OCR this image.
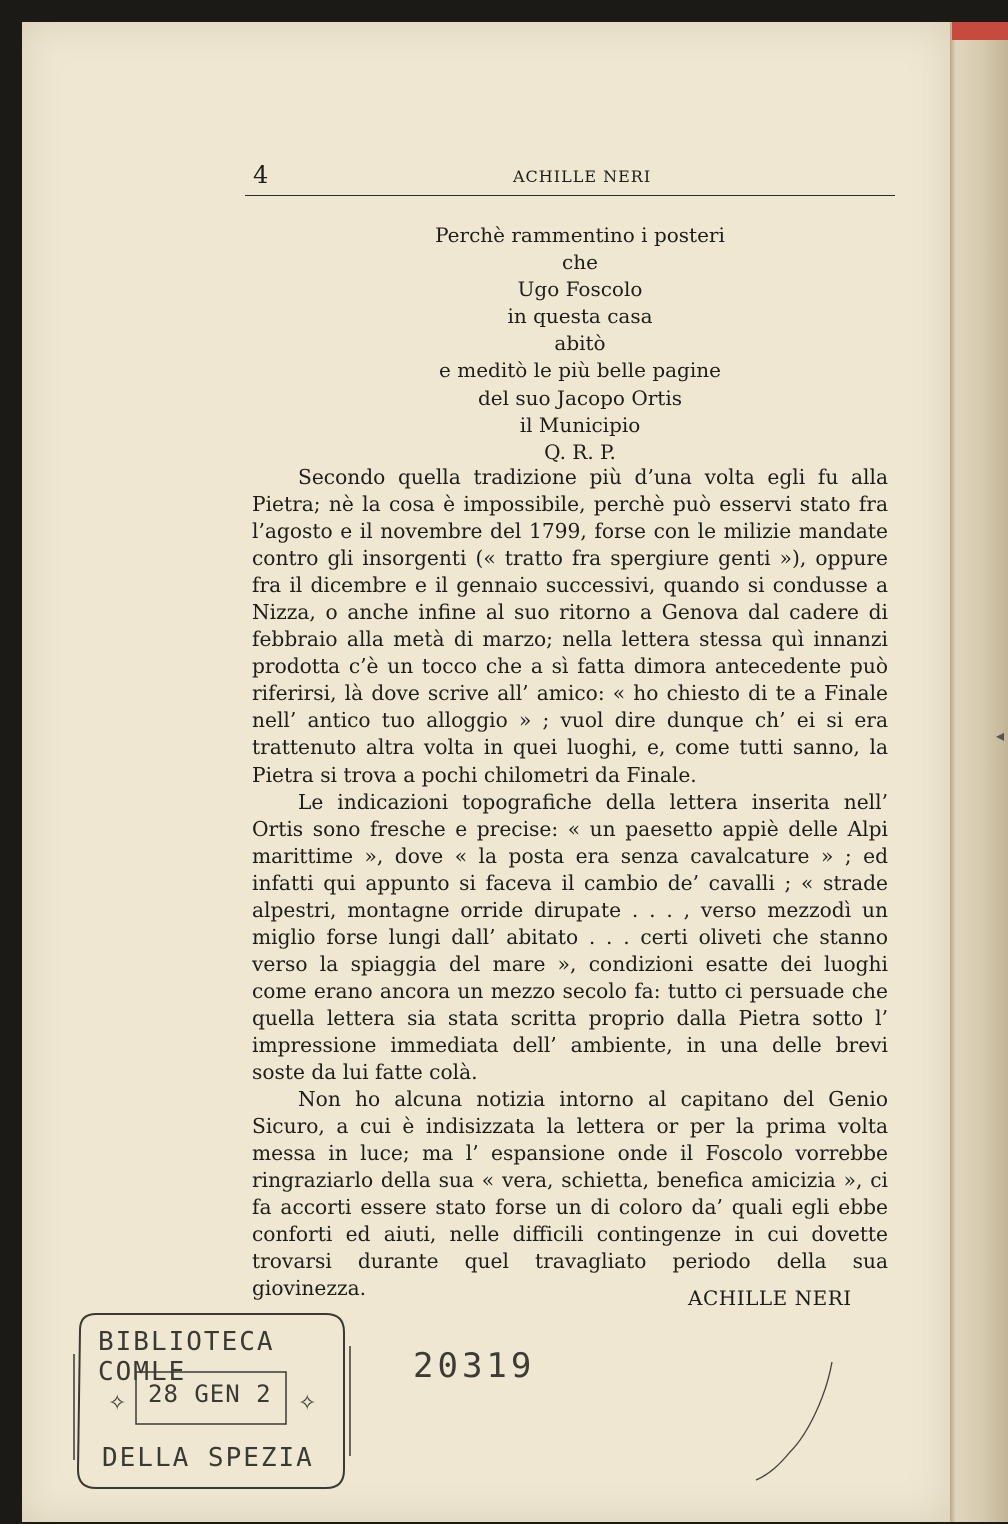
◂
4	ACHILLE NERI
Perchè rammentino i posteri
che
Ugo Foscolo
in questa casa
abitò
e meditò le più belle pagine
del suo Jacopo Ortis
il Municipio
Q. R. P.

Secondo quella tradizione più d’una volta egli fu alla Pietra; nè la cosa è impossibile, perchè può esservi stato fra l’agosto e il novembre del 1799, forse con le milizie mandate contro gli insorgenti (« tratto fra spergiure genti »), oppure fra il dicembre e il gennaio successivi, quando si condusse a Nizza, o anche infine al suo ritorno a Genova dal cadere di febbraio alla metà di marzo; nella lettera stessa quì innanzi prodotta c’è un tocco che a sì fatta dimora antecedente può riferirsi, là dove scrive all’ amico: « ho chiesto di te a Finale nell’ antico tuo alloggio » ; vuol dire dunque ch’ ei si era trattenuto altra volta in quei luoghi, e, come tutti sanno, la Pietra si trova a pochi chilometri da Finale.

Le indicazioni topografiche della lettera inserita nell’ Ortis sono fresche e precise: « un paesetto appiè delle Alpi marittime », dove « la posta era senza cavalcature » ; ed infatti qui appunto si faceva il cambio de’ cavalli ; « strade alpestri, montagne orride dirupate . . . , verso mezzodì un miglio forse lungi dall’ abitato . . . certi oliveti che stanno verso la spiaggia del mare », condizioni esatte dei luoghi come erano ancora un mezzo secolo fa: tutto ci persuade che quella lettera sia stata scritta proprio dalla Pietra sotto l’ impressione immediata dell’ ambiente, in una delle brevi soste da lui fatte colà.

Non ho alcuna notizia intorno al capitano del Genio Sicuro, a cui è indisizzata la lettera or per la prima volta messa in luce; ma l’ espansione onde il Foscolo vorrebbe ringraziarlo della sua « vera, schietta, benefica amicizia », ci fa accorti essere stato forse un di coloro da’ quali egli ebbe conforti ed aiuti, nelle difficili contingenze in cui dovette trovarsi durante quel travagliato periodo della sua giovinezza.	ACHILLE NERI
✧	✧
BIBLIOTECA COMLE
28 GEN 2
DELLA SPEZIA
20319
